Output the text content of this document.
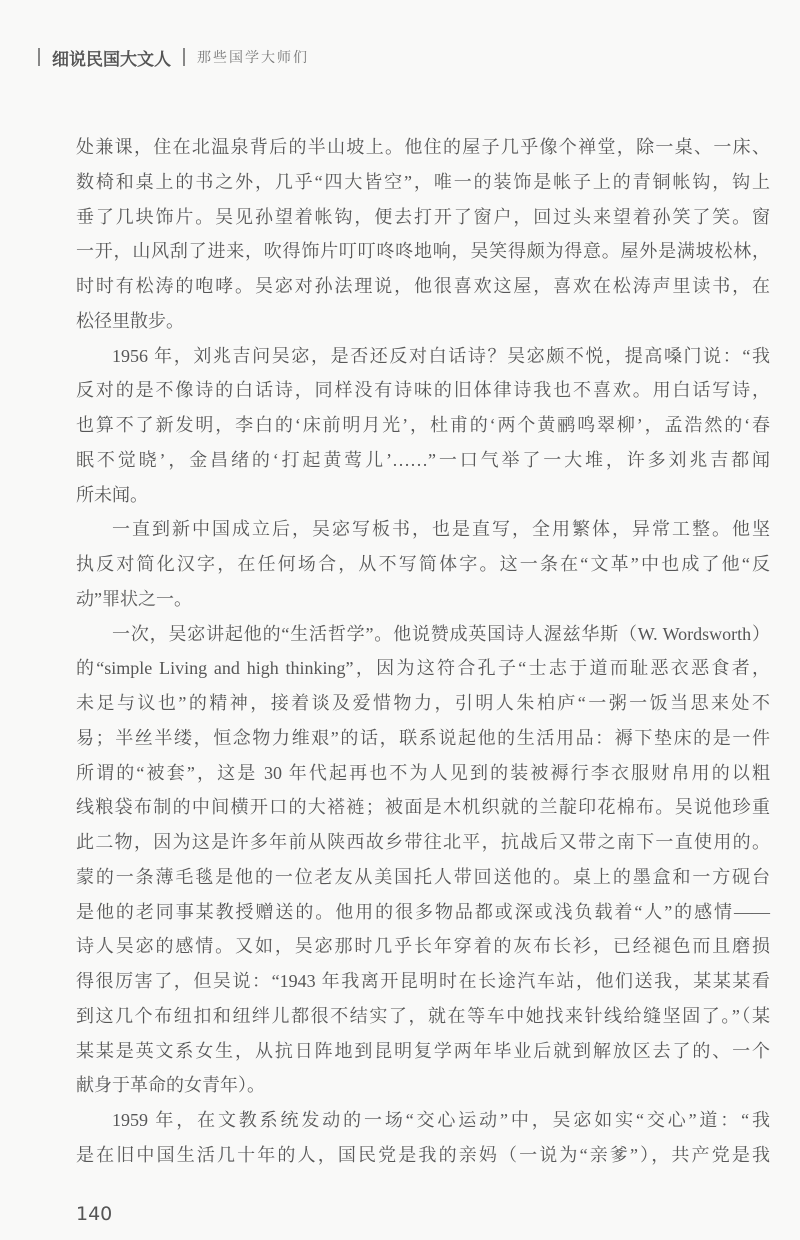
细说民国大文人 那些国学大师们
处兼课，住在北温泉背后的半山坡上。他住的屋子几乎像个禅堂，除一桌、一床、
数椅和桌上的书之外，几乎“四大皆空”，唯一的装饰是帐子上的青铜帐钩，钩上
垂了几块饰片。吴见孙望着帐钩，便去打开了窗户，回过头来望着孙笑了笑。窗
一开，山风刮了进来，吹得饰片叮叮咚咚地响，吴笑得颇为得意。屋外是满坡松林，
时时有松涛的咆哮。吴宓对孙法理说，他很喜欢这屋，喜欢在松涛声里读书，在
松径里散步。
1956 年，刘兆吉问吴宓，是否还反对白话诗？吴宓颇不悦，提高嗓门说：“我
反对的是不像诗的白话诗，同样没有诗味的旧体律诗我也不喜欢。用白话写诗，
也算不了新发明，李白的‘床前明月光’，杜甫的‘两个黄鹂鸣翠柳’，孟浩然的‘春
眠不觉晓’，金昌绪的‘打起黄莺儿’……”一口气举了一大堆，许多刘兆吉都闻
所未闻。
一直到新中国成立后，吴宓写板书，也是直写，全用繁体，异常工整。他坚
执反对简化汉字，在任何场合，从不写简体字。这一条在“文革”中也成了他“反
动”罪状之一。
一次，吴宓讲起他的“生活哲学”。他说赞成英国诗人渥兹华斯（W. Wordsworth）
的“simple Living and high thinking”，因为这符合孔子“士志于道而耻恶衣恶食者，
未足与议也”的精神，接着谈及爱惜物力，引明人朱柏庐“一粥一饭当思来处不
易；半丝半缕，恒念物力维艰”的话，联系说起他的生活用品：褥下垫床的是一件
所谓的“被套”，这是 30 年代起再也不为人见到的装被褥行李衣服财帛用的以粗
线粮袋布制的中间横开口的大褡裢；被面是木机织就的兰靛印花棉布。吴说他珍重
此二物，因为这是许多年前从陕西故乡带往北平，抗战后又带之南下一直使用的。
蒙的一条薄毛毯是他的一位老友从美国托人带回送他的。桌上的墨盒和一方砚台
是他的老同事某教授赠送的。他用的很多物品都或深或浅负载着“人”的感情——
诗人吴宓的感情。又如，吴宓那时几乎长年穿着的灰布长衫，已经褪色而且磨损
得很厉害了，但吴说：“1943 年我离开昆明时在长途汽车站，他们送我，某某某看
到这几个布纽扣和纽绊儿都很不结实了，就在等车中她找来针线给缝坚固了。”（某
某某是英文系女生，从抗日阵地到昆明复学两年毕业后就到解放区去了的、一个
献身于革命的女青年）。
1959 年，在文教系统发动的一场“交心运动”中，吴宓如实“交心”道：“我
是在旧中国生活几十年的人，国民党是我的亲妈（一说为“亲爹”），共产党是我
140
